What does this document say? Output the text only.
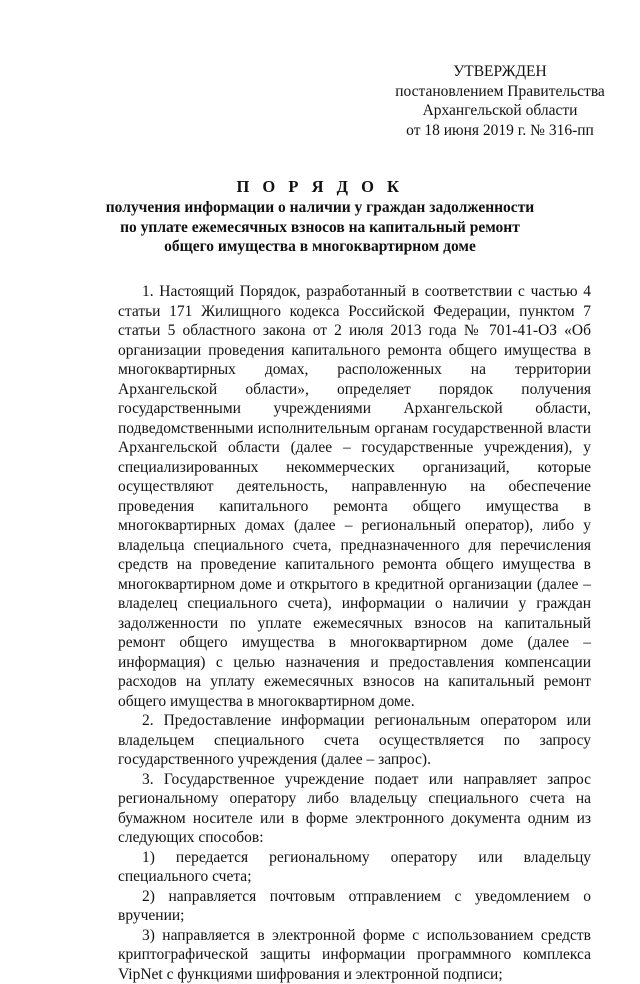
УТВЕРЖДЕН
постановлением Правительства
Архангельской области
от 18 июня 2019 г. № 316-пп
П О Р Я Д О К
получения информации о наличии у граждан задолженности
по уплате ежемесячных взносов на капитальный ремонт
общего имущества в многоквартирном доме

1. Настоящий Порядок, разработанный в соответствии с частью 4 статьи 171 Жилищного кодекса Российской Федерации, пунктом 7 статьи 5 областного закона от 2 июля 2013 года № 701-41-ОЗ «Об организации проведения капитального ремонта общего имущества в многоквартирных домах, расположенных на территории Архангельской области», определяет порядок получения государственными учреждениями Архангельской области, подведомственными исполнительным органам государственной власти Архангельской области (далее – государственные учреждения), у специализированных некоммерческих организаций, которые осуществляют деятельность, направленную на обеспечение проведения капитального ремонта общего имущества в многоквартирных домах (далее – региональный оператор), либо у владельца специального счета, предназначенного для перечисления средств на проведение капитального ремонта общего имущества в многоквартирном доме и открытого в кредитной организации (далее – владелец специального счета), информации о наличии у граждан задолженности по уплате ежемесячных взносов на капитальный ремонт общего имущества в многоквартирном доме (далее – информация) с целью назначения и предоставления компенсации расходов на уплату ежемесячных взносов на капитальный ремонт общего имущества в многоквартирном доме.

2. Предоставление информации региональным оператором или владельцем специального счета осуществляется по запросу государственного учреждения (далее – запрос).

3. Государственное учреждение подает или направляет запрос региональному оператору либо владельцу специального счета на бумажном носителе или в форме электронного документа одним из следующих способов:

1) передается региональному оператору или владельцу специального счета;

2) направляется почтовым отправлением с уведомлением о вручении;

3) направляется в электронной форме с использованием средств криптографической защиты информации программного комплекса VipNet с функциями шифрования и электронной подписи;
